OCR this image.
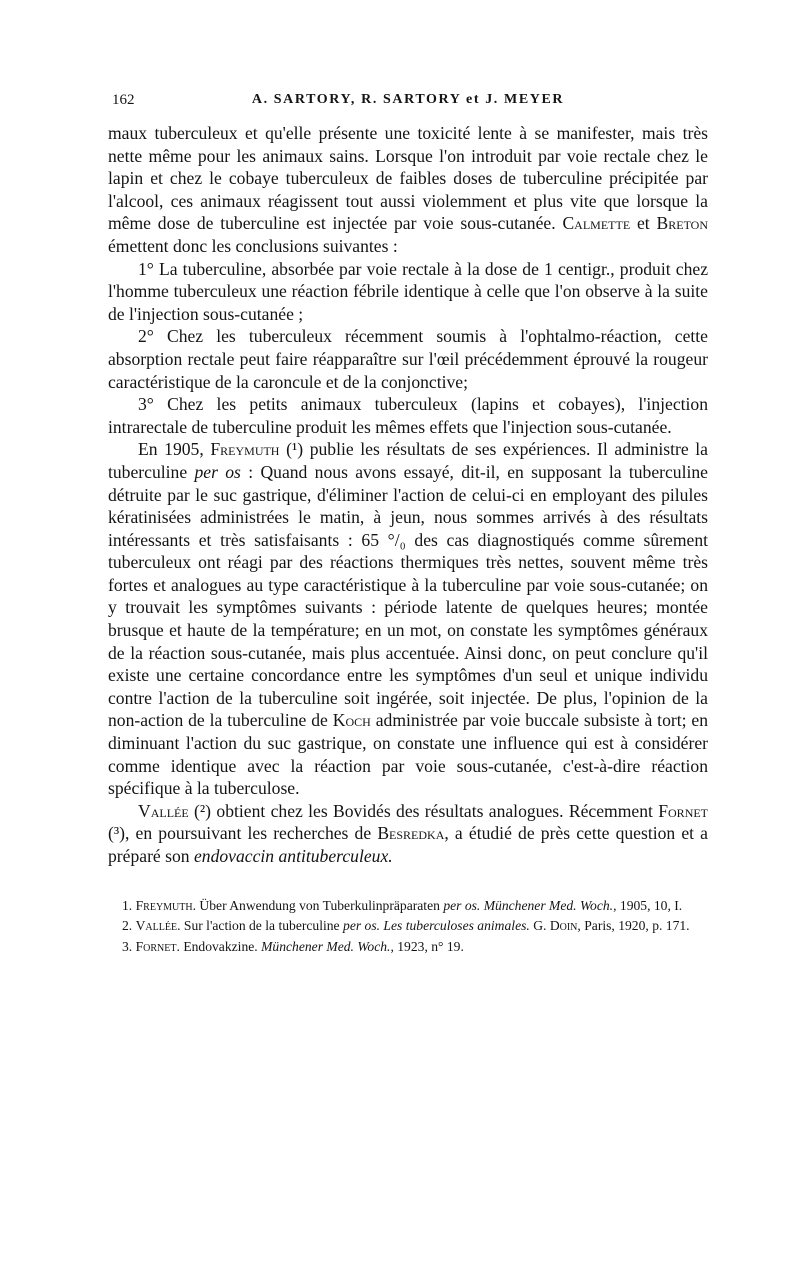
162	A. SARTORY, R. SARTORY et J. MEYER

maux tuberculeux et qu'elle présente une toxicité lente à se manifester, mais très nette même pour les animaux sains. Lorsque l'on introduit par voie rectale chez le lapin et chez le cobaye tuberculeux de faibles doses de tuberculine précipitée par l'alcool, ces animaux réagissent tout aussi violemment et plus vite que lorsque la même dose de tuberculine est injectée par voie sous-cutanée. Calmette et Breton émettent donc les conclusions suivantes :

1° La tuberculine, absorbée par voie rectale à la dose de 1 centigr., produit chez l'homme tuberculeux une réaction fébrile identique à celle que l'on observe à la suite de l'injection sous-cutanée ;

2° Chez les tuberculeux récemment soumis à l'ophtalmo-réaction, cette absorption rectale peut faire réapparaître sur l'œil précédemment éprouvé la rougeur caractéristique de la caroncule et de la conjonctive;

3° Chez les petits animaux tuberculeux (lapins et cobayes), l'injection intrarectale de tuberculine produit les mêmes effets que l'injection sous-cutanée.

En 1905, Freymuth (¹) publie les résultats de ses expériences. Il administre la tuberculine per os : Quand nous avons essayé, dit-il, en supposant la tuberculine détruite par le suc gastrique, d'éliminer l'action de celui-ci en employant des pilules kératinisées administrées le matin, à jeun, nous sommes arrivés à des résultats intéressants et très satisfaisants : 65 °/₀ des cas diagnostiqués comme sûrement tuberculeux ont réagi par des réactions thermiques très nettes, souvent même très fortes et analogues au type caractéristique à la tuberculine par voie sous-cutanée; on y trouvait les symptômes suivants : période latente de quelques heures; montée brusque et haute de la température; en un mot, on constate les symptômes généraux de la réaction sous-cutanée, mais plus accentuée. Ainsi donc, on peut conclure qu'il existe une certaine concordance entre les symptômes d'un seul et unique individu contre l'action de la tuberculine soit ingérée, soit injectée. De plus, l'opinion de la non-action de la tuberculine de Koch administrée par voie buccale subsiste à tort; en diminuant l'action du suc gastrique, on constate une influence qui est à considérer comme identique avec la réaction par voie sous-cutanée, c'est-à-dire réaction spécifique à la tuberculose.

Vallée (²) obtient chez les Bovidés des résultats analogues. Récemment Fornet (³), en poursuivant les recherches de Besredka, a étudié de près cette question et a préparé son endovaccin antituberculeux.

1. Freymuth. Über Anwendung von Tuberkulinpräparaten per os. Münchener Med. Woch., 1905, 10, I.

2. Vallée. Sur l'action de la tuberculine per os. Les tuberculoses animales. G. Doin, Paris, 1920, p. 171.

3. Fornet. Endovakzine. Münchener Med. Woch., 1923, n° 19.
